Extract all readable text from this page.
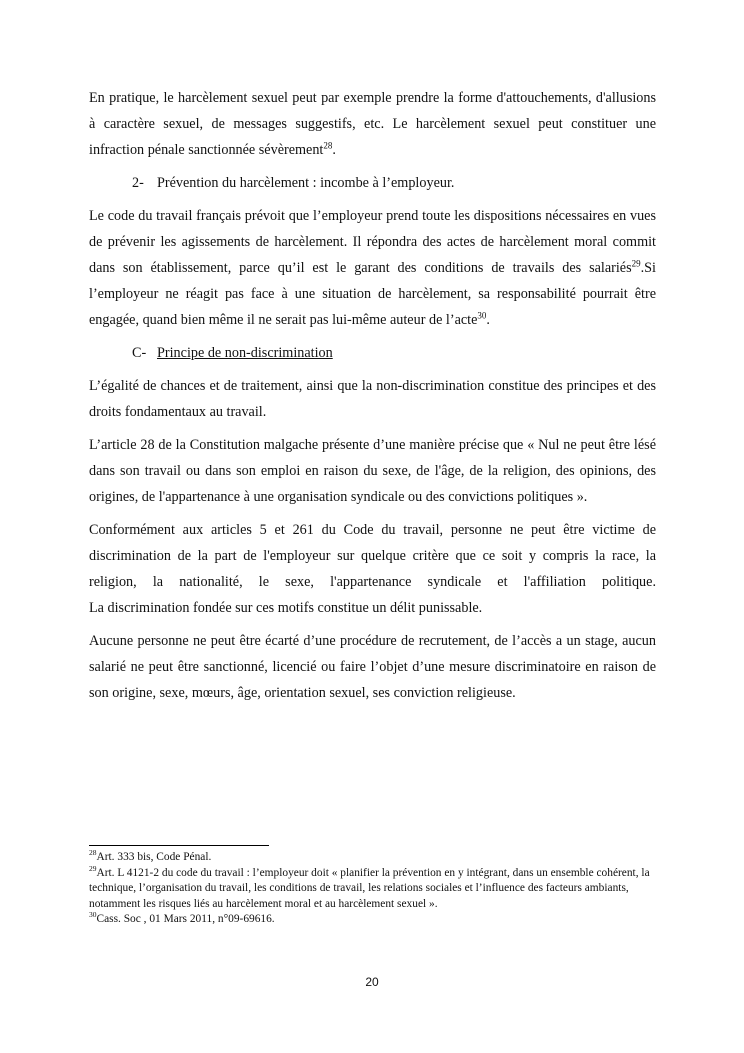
En pratique, le harcèlement sexuel peut par exemple prendre la forme d'attouchements, d'allusions à caractère sexuel, de messages suggestifs, etc. Le harcèlement sexuel peut constituer une infraction pénale sanctionnée sévèrement$^{28}$.

2- Prévention du harcèlement : incombe à l’employeur.

Le code du travail français prévoit que l’employeur prend toute les dispositions nécessaires en vues de prévenir les agissements de harcèlement. Il répondra des actes de harcèlement moral commit dans son établissement, parce qu’il est le garant des conditions de travails des salariés$^{29}$.Si l’employeur ne réagit pas face à une situation de harcèlement, sa responsabilité pourrait être engagée, quand bien même il ne serait pas lui-même auteur de l’acte$^{30}$.

C- Principe de non-discrimination

L’égalité de chances et de traitement, ainsi que la non-discrimination constitue des principes et des droits fondamentaux au travail.

L’article 28 de la Constitution malgache présente d’une manière précise que « Nul ne peut être lésé dans son travail ou dans son emploi en raison du sexe, de l'âge, de la religion, des opinions, des origines, de l'appartenance à une organisation syndicale ou des convictions politiques ».

Conformément aux articles 5 et 261 du Code du travail, personne ne peut être victime de discrimination de la part de l'employeur sur quelque critère que ce soit y compris la race, la religion, la nationalité, le sexe, l'appartenance syndicale et l'affiliation politique.
La discrimination fondée sur ces motifs constitue un délit punissable.

Aucune personne ne peut être écarté d’une procédure de recrutement, de l’accès a un stage, aucun salarié ne peut être sanctionné, licencié ou faire l’objet d’une mesure discriminatoire en raison de son origine, sexe, mœurs, âge, orientation sexuel, ses conviction religieuse.

$^{28}$Art. 333 bis, Code Pénal.
$^{29}$Art. L 4121-2 du code du travail : l’employeur doit « planifier la prévention en y intégrant, dans un ensemble cohérent, la technique, l’organisation du travail, les conditions de travail, les relations sociales et l’influence des facteurs ambiants, notamment les risques liés au harcèlement moral et au harcèlement sexuel ».
$^{30}$Cass. Soc , 01 Mars 2011, n°09-69616.
20
